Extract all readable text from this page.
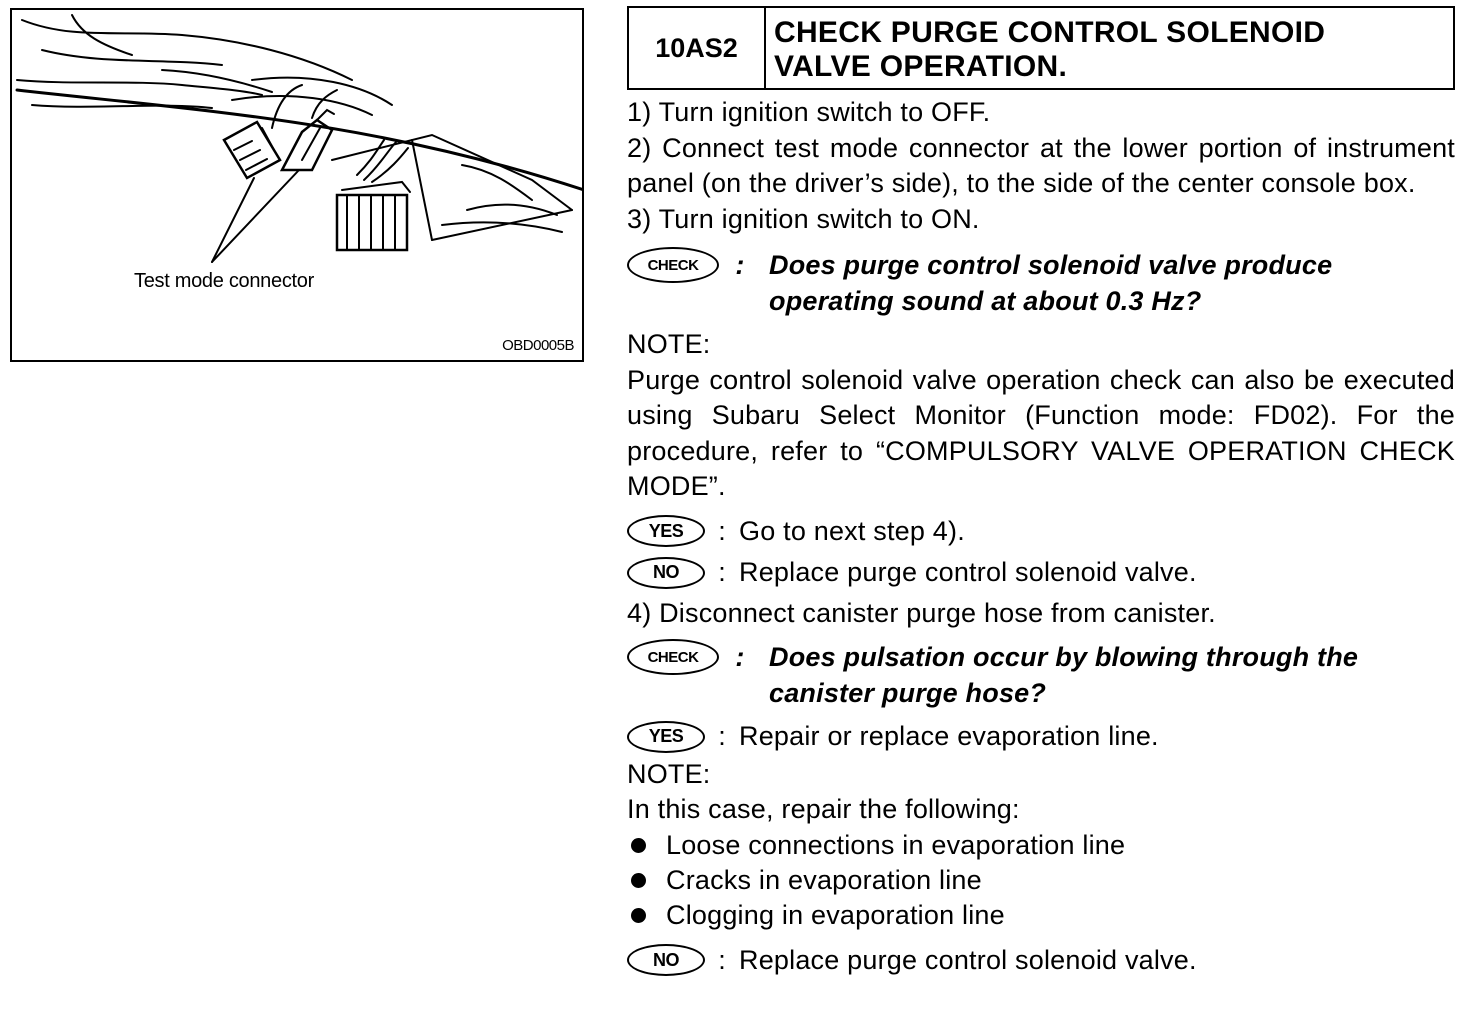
Test mode connector
OBD0005B
10AS2	CHECK PURGE CONTROL SOLENOID
VALVE OPERATION.

1) Turn ignition switch to OFF.

2) Connect test mode connector at the lower portion of instrument panel (on the driver’s side), to the side of the center console box.

3) Turn ignition switch to ON.

CHECK	: Does purge control solenoid valve produce
operating sound at about 0.3 Hz?

NOTE:

Purge control solenoid valve operation check can also be executed using Subaru Select Monitor (Function mode: FD02). For the procedure, refer to “COMPULSORY VALVE OPERATION CHECK MODE”.

YES	: Go to next step 4).
NO	: Replace purge control solenoid valve.

4) Disconnect canister purge hose from canister.

CHECK	: Does pulsation occur by blowing through the
canister purge hose?
YES	: Repair or replace evaporation line.

NOTE:

In this case, repair the following:

Loose connections in evaporation line
Cracks in evaporation line
Clogging in evaporation line
NO	: Replace purge control solenoid valve.
